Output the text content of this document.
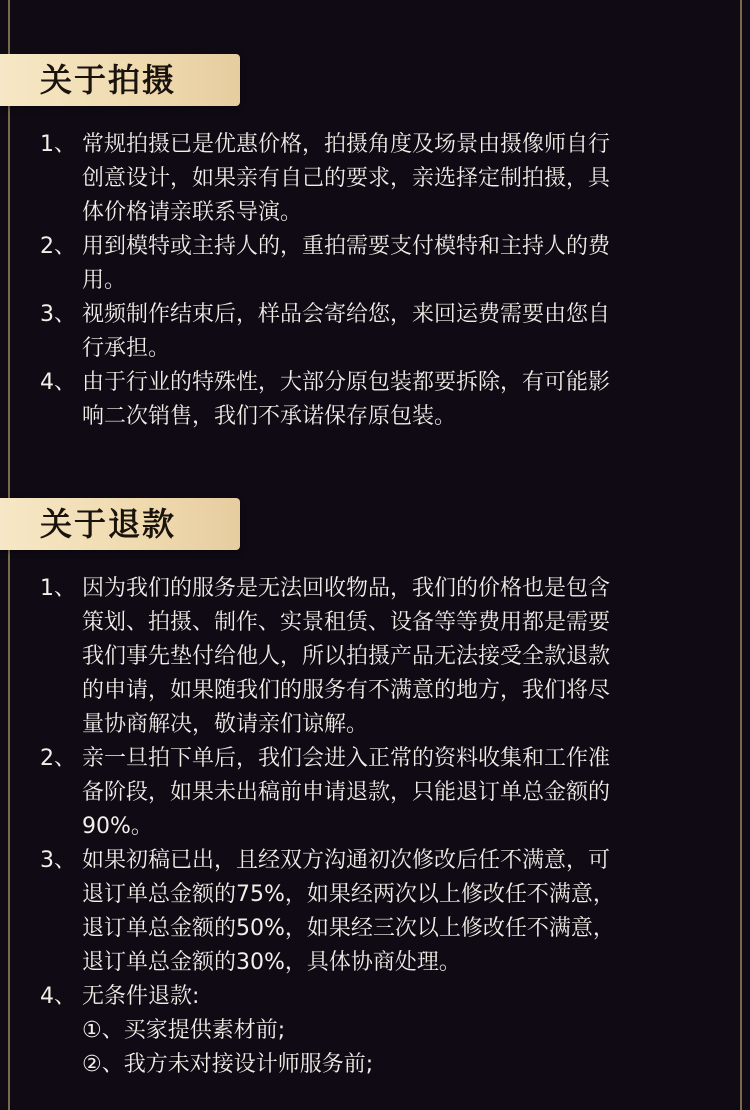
关于拍摄
1、 常规拍摄已是优惠价格，拍摄角度及场景由摄像师自行
创意设计，如果亲有自己的要求，亲选择定制拍摄，具
体价格请亲联系导演。
2、 用到模特或主持人的，重拍需要支付模特和主持人的费
用。
3、 视频制作结束后，样品会寄给您，来回运费需要由您自
行承担。
4、 由于行业的特殊性，大部分原包装都要拆除，有可能影
响二次销售，我们不承诺保存原包装。
关于退款
1、 因为我们的服务是无法回收物品，我们的价格也是包含
策划、拍摄、制作、实景租赁、设备等等费用都是需要
我们事先垫付给他人，所以拍摄产品无法接受全款退款
的申请，如果随我们的服务有不满意的地方，我们将尽
量协商解决，敬请亲们谅解。
2、 亲一旦拍下单后，我们会进入正常的资料收集和工作准
备阶段，如果未出稿前申请退款，只能退订单总金额的
90%。
3、 如果初稿已出，且经双方沟通初次修改后任不满意，可
退订单总金额的75%，如果经两次以上修改任不满意，
退订单总金额的50%，如果经三次以上修改任不满意，
退订单总金额的30%，具体协商处理。
4、 无条件退款:
①、买家提供素材前;
②、我方未对接设计师服务前;
